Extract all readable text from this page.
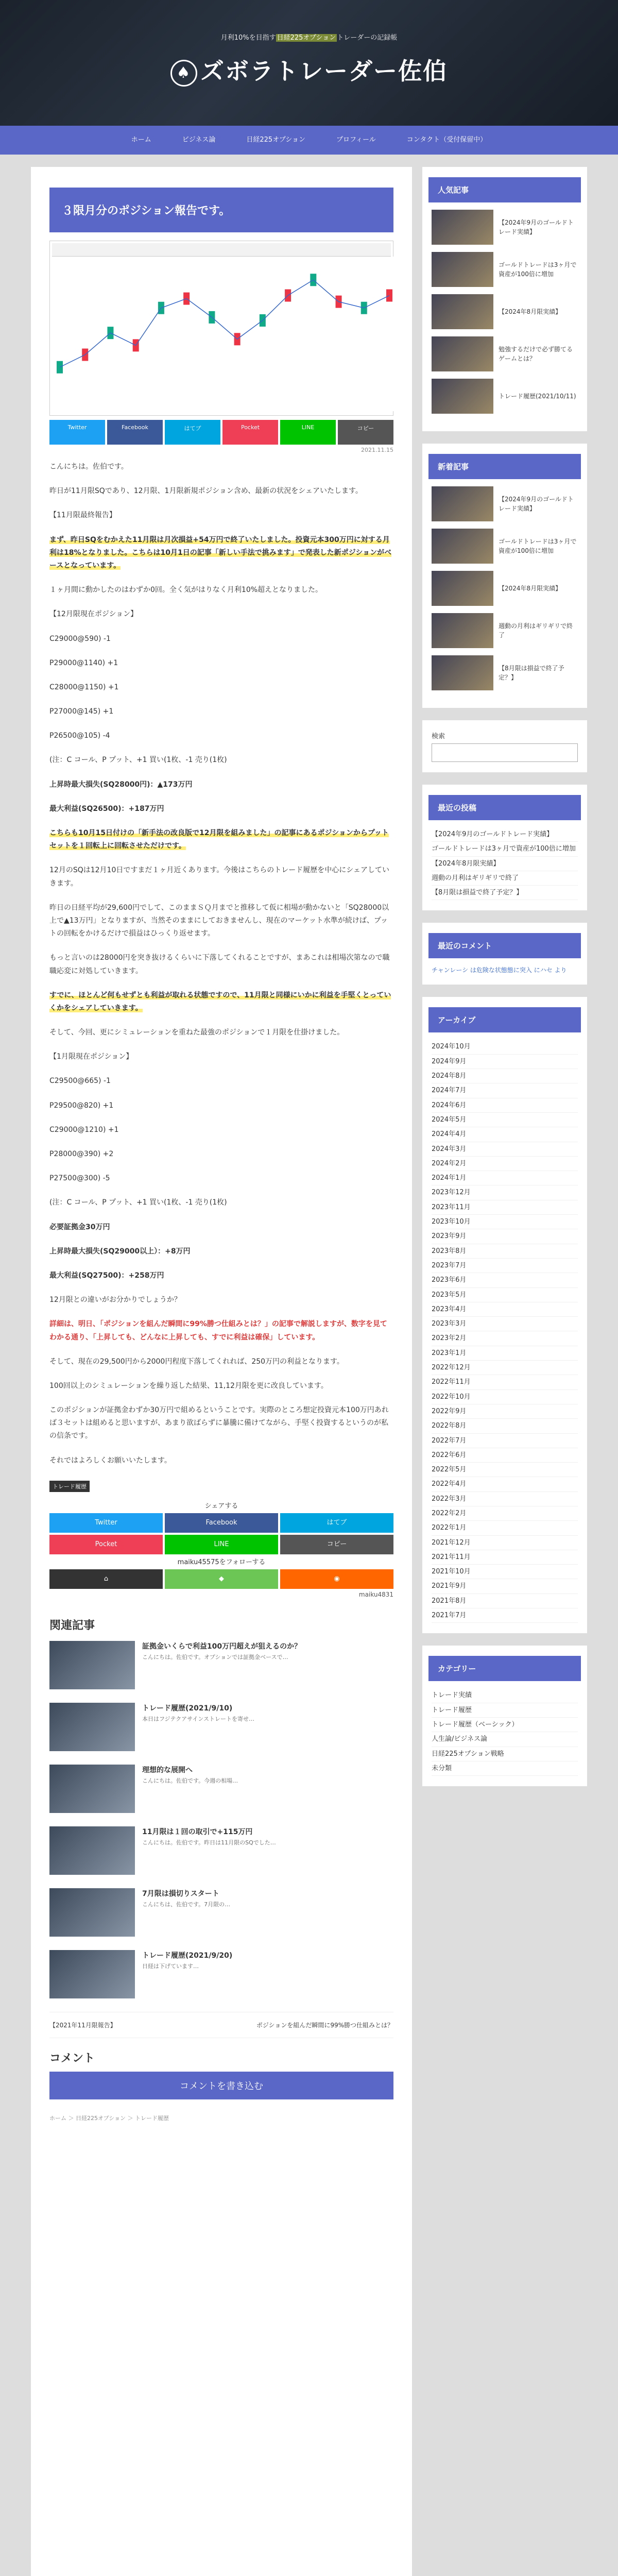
月利10%を目指す 日経225オプション トレーダーの記録帳
♠ ズボラトレーダー佐伯
ホーム	ビジネス論	日経225オプション	プロフィール	コンタクト（受付保留中）
３限月分のポジション報告です。
Twitter	Facebook	はてブ	Pocket	LINE	コピー
2021.11.15

こんにちは。佐伯です。

昨日が11月限SQであり、12月限、1月限新規ポジション含め、最新の状況をシェアいたします。

【11月限最終報告】

まず、昨日SQをむかえた11月限は月次損益+54万円で終了いたしました。投資元本300万円に対する月利は18%となりました。こちらは10月1日の記事「新しい手法で挑みます」で発表した新ポジションがベースとなっています。

１ヶ月間に動かしたのはわずか0回。全く気がはりなく月利10%超えとなりました。

【12月限現在ポジション】

C29000@590) -1

P29000@1140) +1

C28000@1150) +1

P27000@145) +1

P26500@105) -4

(注：C コール、P プット、+1 買い(1枚、-1 売り(1枚)

上昇時最大損失(SQ28000円)：▲173万円

最大利益(SQ26500)：+187万円

こちらも10月15日付けの「新手法の改良版で12月限を組みました」の記事にあるポジションからプットセットを１回転上に回転させただけです。

12月のSQは12月10日ですまだ１ヶ月近くあります。今後はこちらのトレード履歴を中心にシェアしていきます。

昨日の日経平均が29,600円でして、このままＳＱ月までと推移して仮に相場が動かないと「SQ28000以上で▲13万円」となりますが、当然そのままにしておきませんし、現在のマーケット水準が続けば、プットの回転をかけるだけで損益はひっくり返せます。

もっと言いのは28000円を突き抜けるくらいに下落してくれることですが、まあこれは相場次第なので職職応変に対処していきます。

すでに、ほとんど何もせずとも利益が取れる状態ですので、11月限と同様にいかに利益を手堅くとっていくかをシェアしていきます。

そして、今回、更にシミュレーションを重ねた最強のポジションで１月限を仕掛けました。

【1月限現在ポジション】

C29500@665) -1

P29500@820) +1

C29000@1210) +1

P28000@390) +2

P27500@300) -5

(注：C コール、P プット、+1 買い(1枚、-1 売り(1枚)

必要証拠金30万円

上昇時最大損失(SQ29000以上）：+8万円

最大利益(SQ27500)：+258万円

12月限との違いがお分かりでしょうか？

詳細は、明日、「ポジションを組んだ瞬間に99%勝つ仕組みとは？」の記事で解説しますが、数字を見てわかる通り、「上昇しても、どんなに上昇しても、すでに利益は確保」しています。

そして、現在の29,500円から2000円程度下落してくれれば、250万円の利益となります。

100回以上のシミュレーションを繰り返した結果、11,12月限を更に改良しています。

このポジションが証拠金わずか30万円で組めるということです。実際のところ想定投資元本100万円あれば３セットは組めると思いますが、あまり欲ばらずに暴騰に備けてながら、手堅く投資するというのが私の信条です。

それではよろしくお願いいたします。

トレード履歴
シェアする
Twitter	Facebook	はてブ
Pocket	LINE	コピー
maiku45575をフォローする
⌂	◆	◉
maiku4831
関連記事
証拠金いくらで利益100万円超えが狙えるのか？

こんにちは。佐伯です。オプションでは証拠金ベースで…

トレード履歴(2021/9/10)

本日はフジテクアサインストレートを寄せ…

理想的な展開へ

こんにちは。佐伯です。今週の相場…

11月限は１回の取引で+115万円

こんにちは。佐伯です。昨日は11月限のSQでした…

7月限は損切りスタート

こんにちは、佐伯です。7月限の…

トレード履歴(2021/9/20)

日経は下げています…

【2021年11月限報告】	ポジションを組んだ瞬間に99%勝つ仕組みとは？
コメント
コメントを書き込む
ホーム ＞ 日経225オプション ＞ トレード履歴
人気記事
【2024年9月のゴールドトレード実績】
ゴールドトレードは3ヶ月で資産が100倍に増加
【2024年8月限実績】
勉強するだけで必ず勝てるゲームとは？
トレード履歴(2021/10/11)
新着記事
【2024年9月のゴールドトレード実績】
ゴールドトレードは3ヶ月で資産が100倍に増加
【2024年8月限実績】
週動の月利はギリギリで終了
【8月限は損益で終了予定？】
検索
最近の投稿
【2024年9月のゴールドトレード実績】
ゴールドトレードは3ヶ月で資産が100倍に増加
【2024年8月限実績】
週動の月利はギリギリで終了
【8月限は損益で終了予定？】
最近のコメント
チャンレーシ は危険な状態態に突入 にハセ より
アーカイブ
2024年10月
2024年9月
2024年8月
2024年7月
2024年6月
2024年5月
2024年4月
2024年3月
2024年2月
2024年1月
2023年12月
2023年11月
2023年10月
2023年9月
2023年8月
2023年7月
2023年6月
2023年5月
2023年4月
2023年3月
2023年2月
2023年1月
2022年12月
2022年11月
2022年10月
2022年9月
2022年8月
2022年7月
2022年6月
2022年5月
2022年4月
2022年3月
2022年2月
2022年1月
2021年12月
2021年11月
2021年10月
2021年9月
2021年8月
2021年7月
カテゴリー
トレード実績
トレード履歴
トレード履歴（ベーシック）
人生論/ビジネス論
日経225オプション戦略
未分類
